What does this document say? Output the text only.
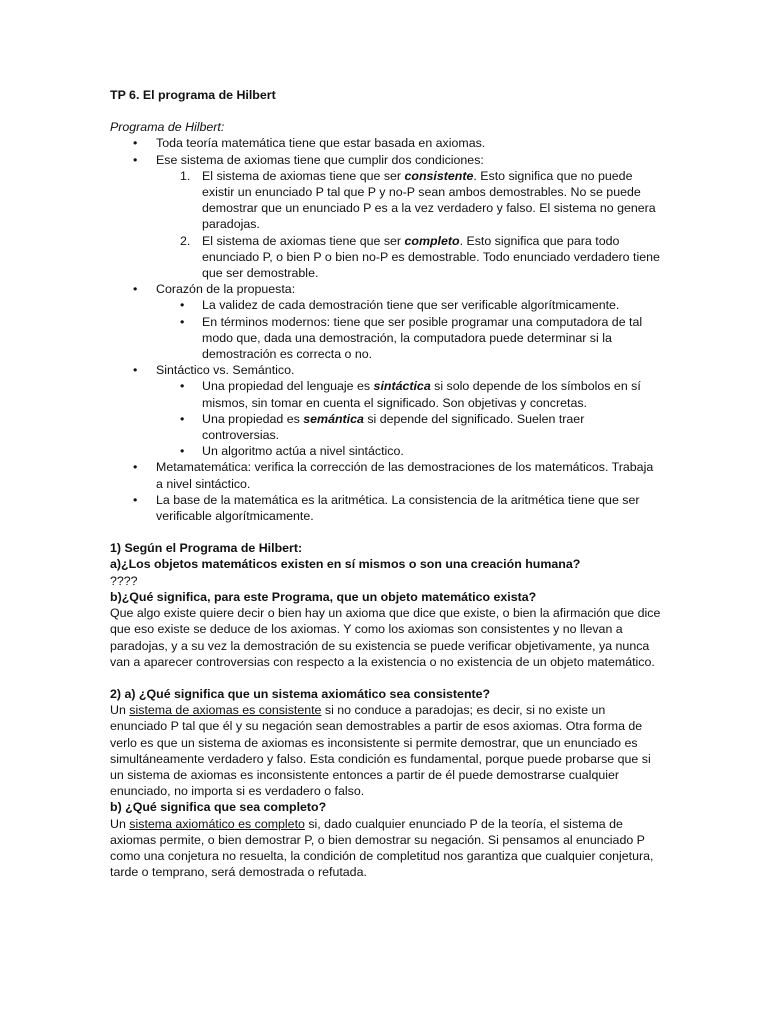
TP 6. El programa de Hilbert

Programa de Hilbert:

•
Toda teoría matemática tiene que estar basada en axiomas.
•
Ese sistema de axiomas tiene que cumplir dos condiciones:
1. El sistema de axiomas tiene que ser consistente. Esto significa que no puede existir un enunciado P tal que P y no-P sean ambos demostrables. No se puede demostrar que un enunciado P es a la vez verdadero y falso. El sistema no genera paradojas.
2. El sistema de axiomas tiene que ser completo. Esto significa que para todo enunciado P, o bien P o bien no-P es demostrable. Todo enunciado verdadero tiene que ser demostrable.
•
Corazón de la propuesta:
•
La validez de cada demostración tiene que ser verificable algorítmicamente.
•
En términos modernos: tiene que ser posible programar una computadora de tal modo que, dada una demostración, la computadora puede determinar si la demostración es correcta o no.
•
Sintáctico vs. Semántico.
•
Una propiedad del lenguaje es sintáctica si solo depende de los símbolos en sí mismos, sin tomar en cuenta el significado. Son objetivas y concretas.
•
Una propiedad es semántica si depende del significado. Suelen traer controversias.
•
Un algoritmo actúa a nivel sintáctico.
•
Metamatemática: verifica la corrección de las demostraciones de los matemáticos. Trabaja a nivel sintáctico.
•
La base de la matemática es la aritmética. La consistencia de la aritmética tiene que ser verificable algorítmicamente.

1) Según el Programa de Hilbert:

a)¿Los objetos matemáticos existen en sí mismos o son una creación humana?

????

b)¿Qué significa, para este Programa, que un objeto matemático exista?

Que algo existe quiere decir o bien hay un axioma que dice que existe, o bien la afirmación que dice que eso existe se deduce de los axiomas. Y como los axiomas son consistentes y no llevan a paradojas, y a su vez la demostración de su existencia se puede verificar objetivamente, ya nunca van a aparecer controversias con respecto a la existencia o no existencia de un objeto matemático.

2) a) ¿Qué significa que un sistema axiomático sea consistente?

Un sistema de axiomas es consistente si no conduce a paradojas; es decir, si no existe un enunciado P tal que él y su negación sean demostrables a partir de esos axiomas. Otra forma de verlo es que un sistema de axiomas es inconsistente si permite demostrar, que un enunciado es simultáneamente verdadero y falso. Esta condición es fundamental, porque puede probarse que si un sistema de axiomas es inconsistente entonces a partir de él puede demostrarse cualquier enunciado, no importa si es verdadero o falso.

b) ¿Qué significa que sea completo?

Un sistema axiomático es completo si, dado cualquier enunciado P de la teoría, el sistema de axiomas permite, o bien demostrar P, o bien demostrar su negación. Si pensamos al enunciado P como una conjetura no resuelta, la condición de completitud nos garantiza que cualquier conjetura, tarde o temprano, será demostrada o refutada.
